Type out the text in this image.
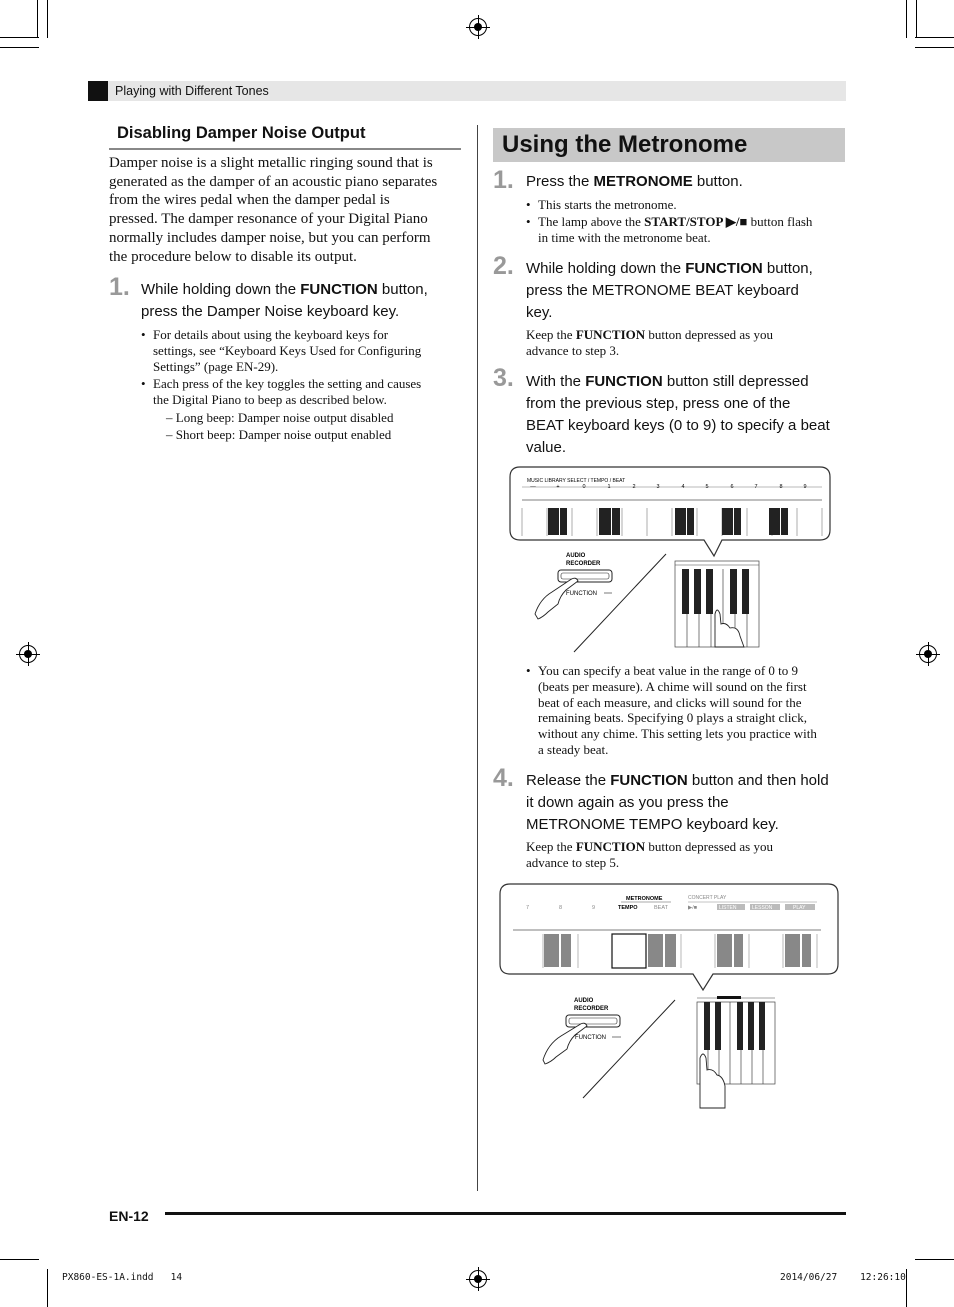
Playing with Different Tones
Disabling Damper Noise Output
Damper noise is a slight metallic ringing sound that is
generated as the damper of an acoustic piano separates
from the wires pedal when the damper pedal is
pressed. The damper resonance of your Digital Piano
normally includes damper noise, but you can perform
the procedure below to disable its output.
1. While holding down the FUNCTION button,
press the Damper Noise keyboard key.
• For details about using the keyboard keys for
settings, see “Keyboard Keys Used for Configuring
Settings” (page EN-29).
• Each press of the key toggles the setting and causes
the Digital Piano to beep as described below.
– Long beep: Damper noise output disabled
– Short beep: Damper noise output enabled
Using the Metronome
1. Press the METRONOME button.
• This starts the metronome.
• The lamp above the START/STOP ▶/■ button flash
in time with the metronome beat.
2. While holding down the FUNCTION button,
press the METRONOME BEAT keyboard
key.
Keep the FUNCTION button depressed as you
advance to step 3.
3. With the FUNCTION button still depressed
from the previous step, press one of the
BEAT keyboard keys (0 to 9) to specify a beat
value.
MUSIC LIBRARY SELECT / TEMPO / BEAT
—	+	0	1	2	3	4	5	6	7	8	9
AUDIO
RECORDER
FUNCTION
• You can specify a beat value in the range of 0 to 9
(beats per measure). A chime will sound on the first
beat of each measure, and clicks will sound for the
remaining beats. Specifying 0 plays a straight click,
without any chime. This setting lets you practice with
a steady beat.
4. Release the FUNCTION button and then hold
it down again as you press the
METRONOME TEMPO keyboard key.
Keep the FUNCTION button depressed as you
advance to step 5.
METRONOME	CONCERT PLAY
TEMPO	BEAT	▶/■	LISTEN	LESSON	PLAY
7	8	9
AUDIO
RECORDER
FUNCTION
EN-12
PX860-ES-1A.indd   14	2014/06/27    12:26:10
